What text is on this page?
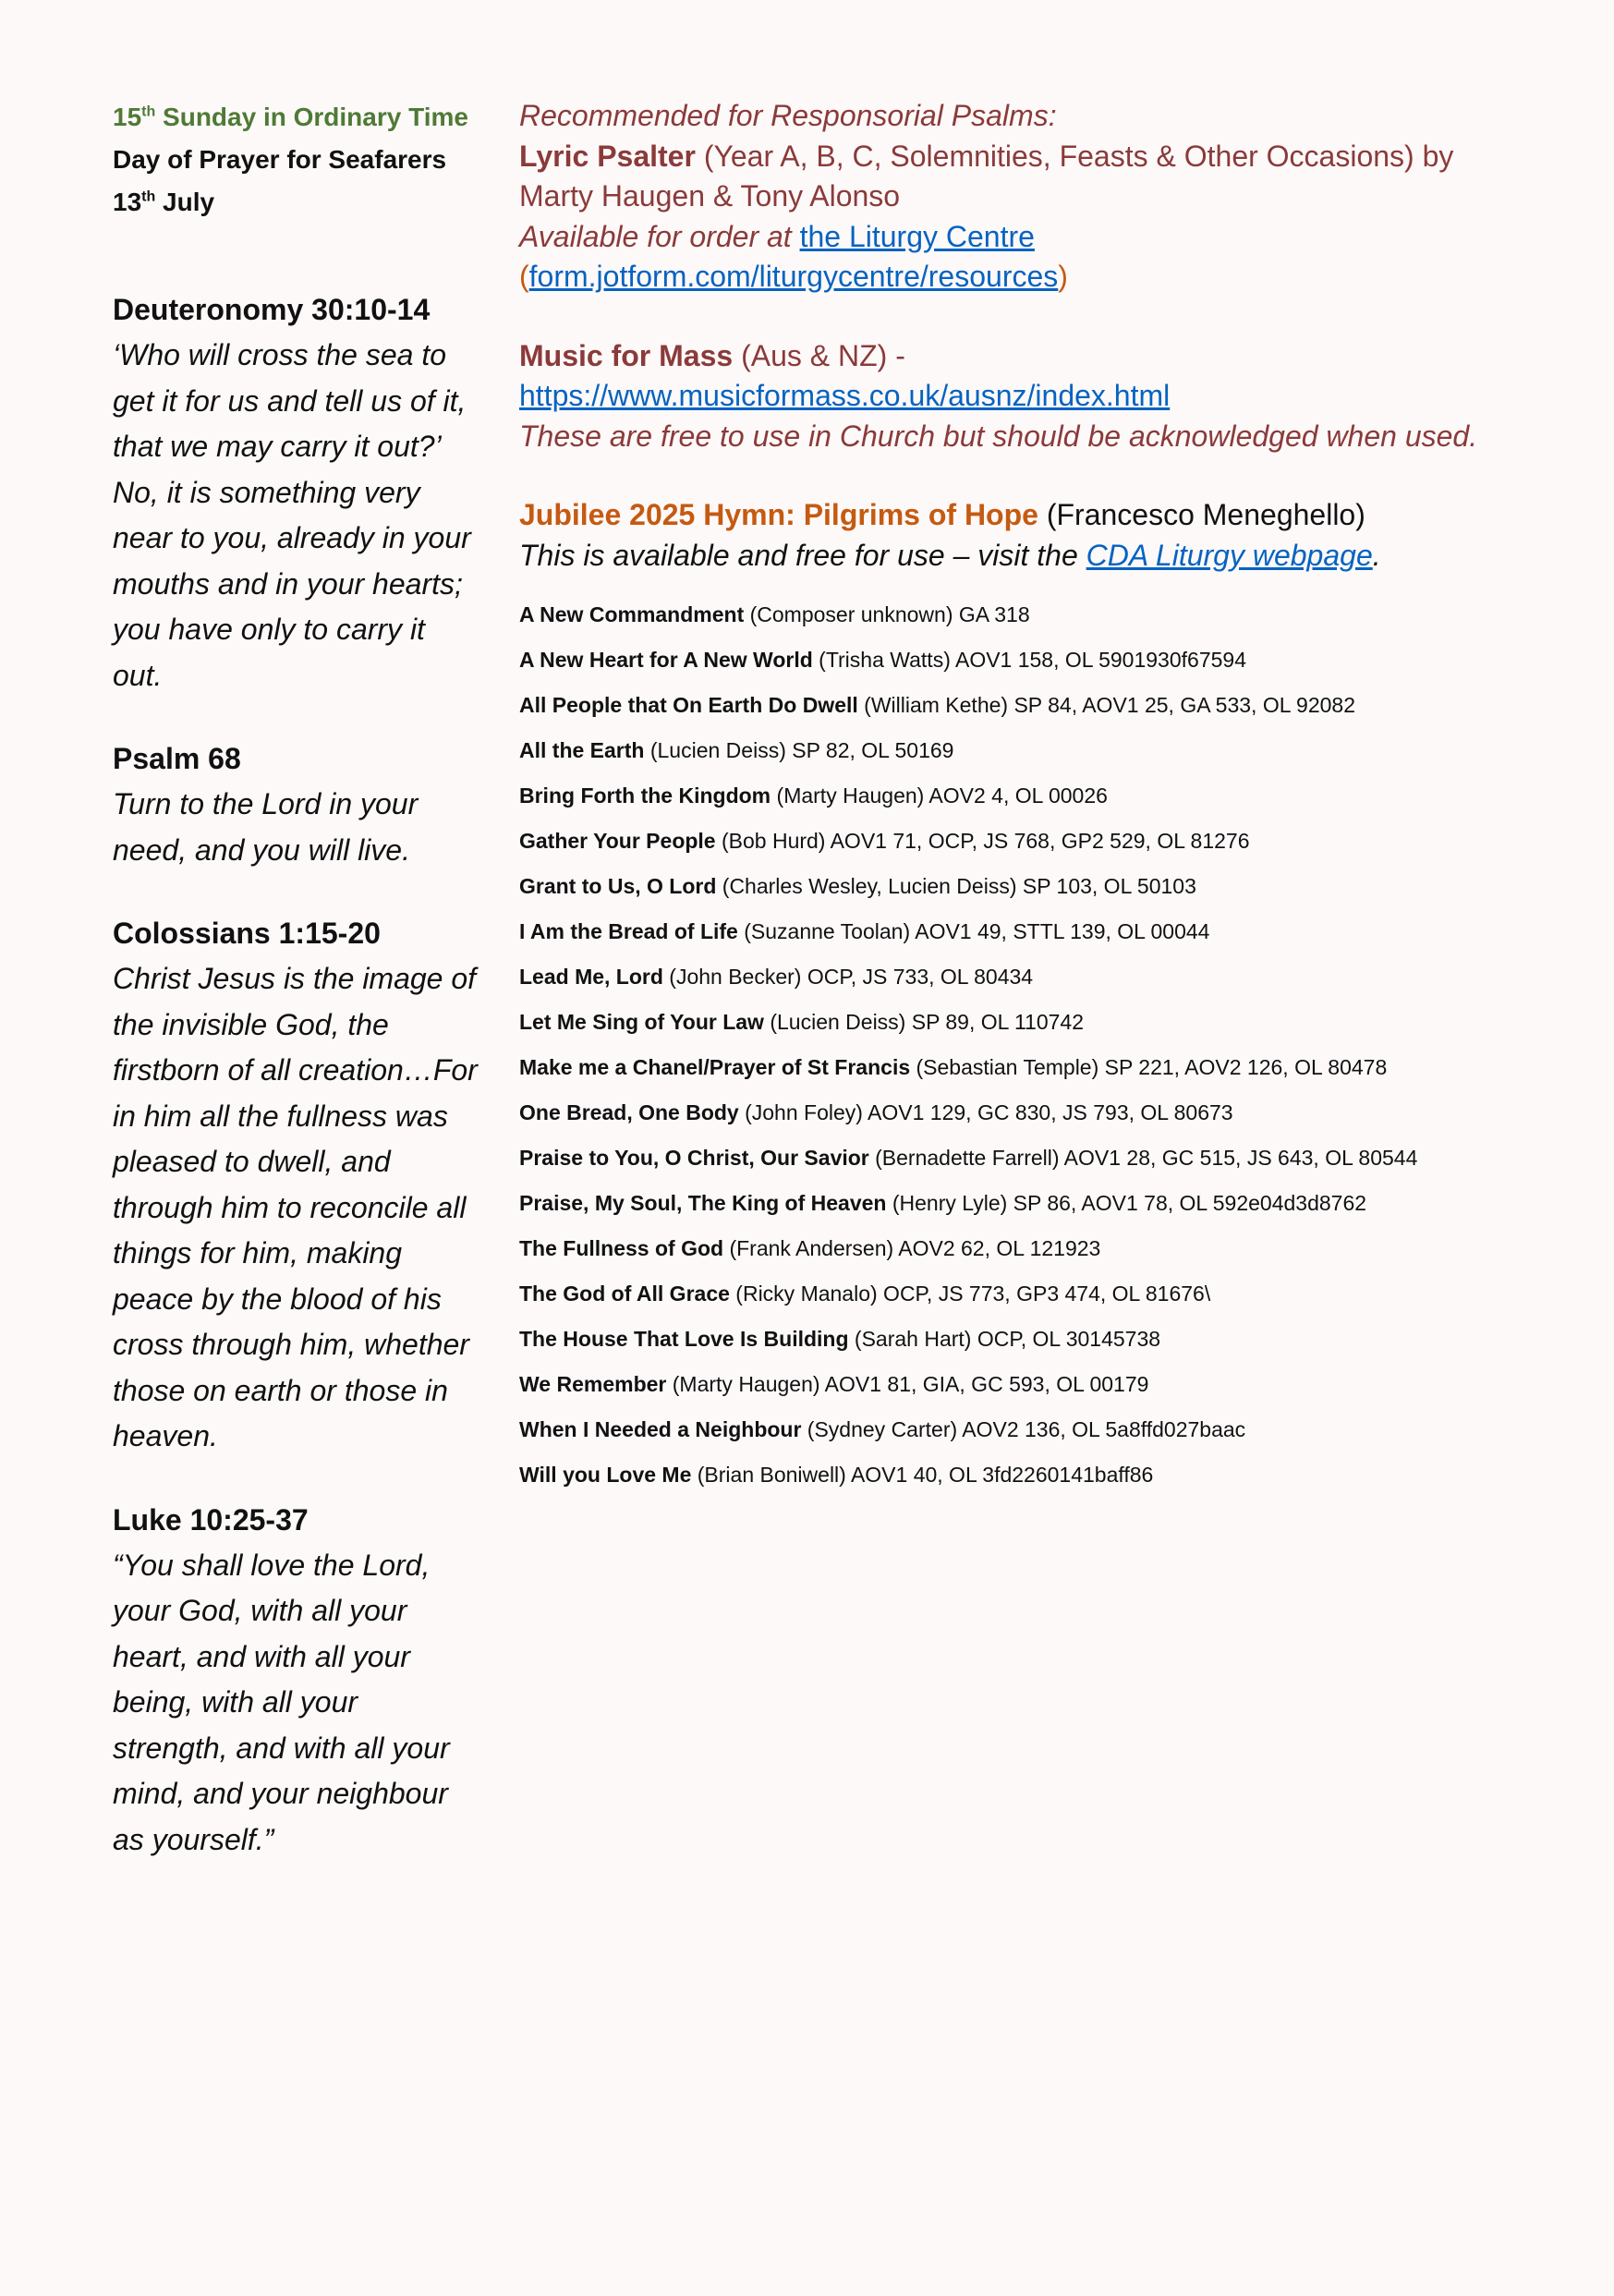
15th Sunday in Ordinary Time
Day of Prayer for Seafarers
13th July
Deuteronomy 30:10-14

‘Who will cross the sea to

get it for us and tell us of it,

that we may carry it out?’

No, it is something very

near to you, already in your

mouths and in your hearts;

you have only to carry it

out.

Psalm 68

Turn to the Lord in your

need, and you will live.

Colossians 1:15-20

Christ Jesus is the image of

the invisible God, the

firstborn of all creation…For

in him all the fullness was

pleased to dwell, and

through him to reconcile all

things for him, making

peace by the blood of his

cross through him, whether

those on earth or those in

heaven.

Luke 10:25-37

“You shall love the Lord,

your God, with all your

heart, and with all your

being, with all your

strength, and with all your

mind, and your neighbour

as yourself.”

Recommended for Responsorial Psalms:
Lyric Psalter (Year A, B, C, Solemnities, Feasts & Other Occasions) by
Marty Haugen & Tony Alonso
Available for order at the Liturgy Centre
(form.jotform.com/liturgycentre/resources)
Music for Mass (Aus & NZ) -
https://www.musicformass.co.uk/ausnz/index.html
These are free to use in Church but should be acknowledged when used.
Jubilee 2025 Hymn: Pilgrims of Hope (Francesco Meneghello)
This is available and free for use – visit the CDA Liturgy webpage.
A New Commandment (Composer unknown) GA 318
A New Heart for A New World (Trisha Watts) AOV1 158, OL 5901930f67594
All People that On Earth Do Dwell (William Kethe) SP 84, AOV1 25, GA 533, OL 92082
All the Earth (Lucien Deiss) SP 82, OL 50169
Bring Forth the Kingdom (Marty Haugen) AOV2 4, OL 00026
Gather Your People (Bob Hurd) AOV1 71, OCP, JS 768, GP2 529, OL 81276
Grant to Us, O Lord (Charles Wesley, Lucien Deiss) SP 103, OL 50103
I Am the Bread of Life (Suzanne Toolan) AOV1 49, STTL 139, OL 00044
Lead Me, Lord (John Becker) OCP, JS 733, OL 80434
Let Me Sing of Your Law (Lucien Deiss) SP 89, OL 110742
Make me a Chanel/Prayer of St Francis (Sebastian Temple) SP 221, AOV2 126, OL 80478
One Bread, One Body (John Foley) AOV1 129, GC 830, JS 793, OL 80673
Praise to You, O Christ, Our Savior (Bernadette Farrell) AOV1 28, GC 515, JS 643, OL 80544
Praise, My Soul, The King of Heaven (Henry Lyle) SP 86, AOV1 78, OL 592e04d3d8762
The Fullness of God (Frank Andersen) AOV2 62, OL 121923
The God of All Grace (Ricky Manalo) OCP, JS 773, GP3 474, OL 81676\
The House That Love Is Building (Sarah Hart) OCP, OL 30145738
We Remember (Marty Haugen) AOV1 81, GIA, GC 593, OL 00179
When I Needed a Neighbour (Sydney Carter) AOV2 136, OL 5a8ffd027baac
Will you Love Me (Brian Boniwell) AOV1 40, OL 3fd2260141baff86
